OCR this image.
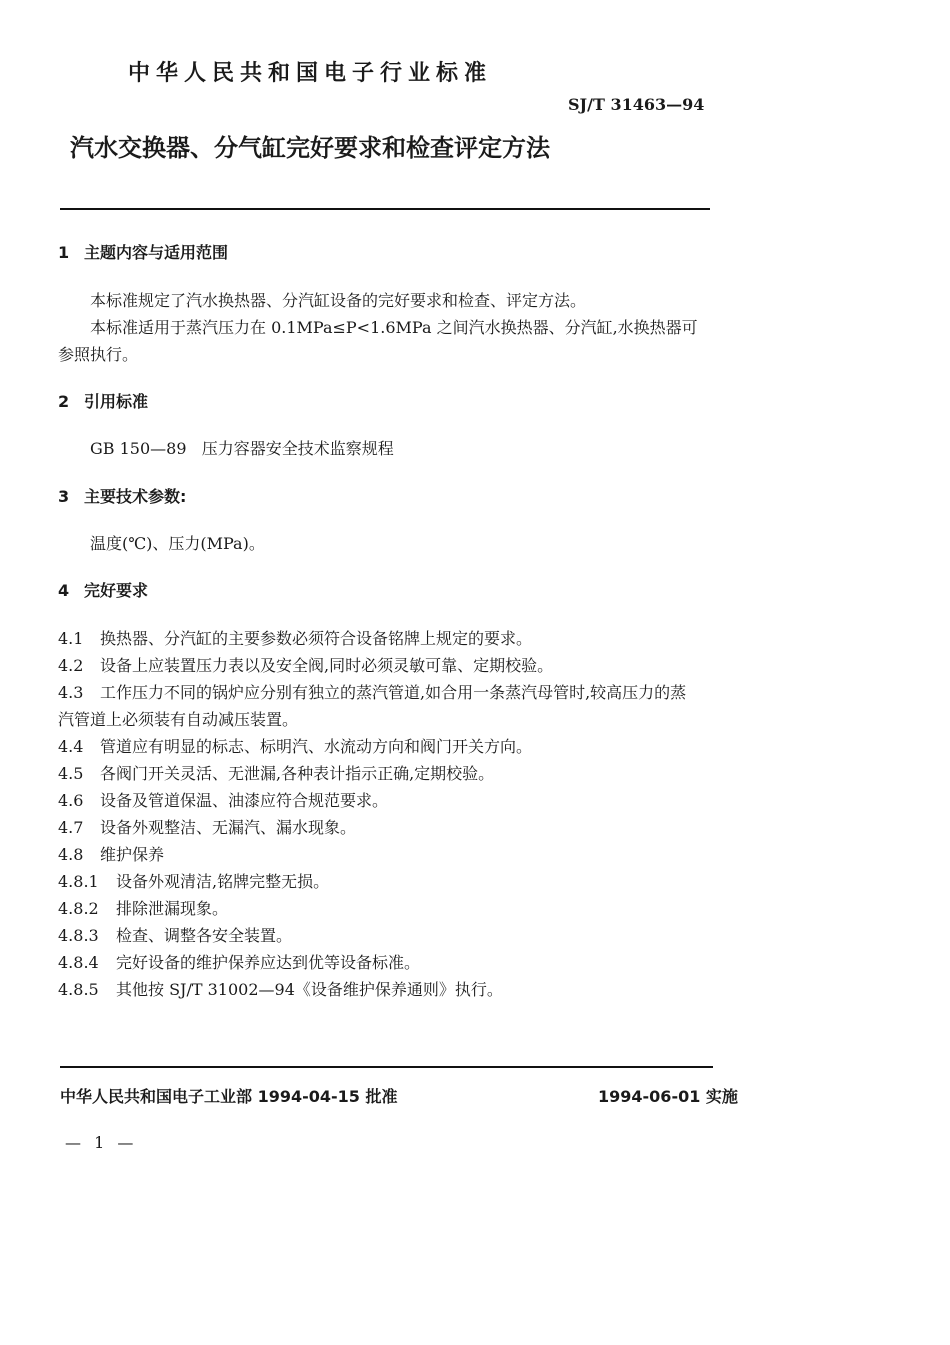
中华人民共和国电子行业标准
SJ/T 31463—94
汽水交换器、分气缸完好要求和检查评定方法
1 主题内容与适用范围
本标准规定了汽水换热器、分汽缸设备的完好要求和检查、评定方法。
本标准适用于蒸汽压力在 0.1MPa≤P<1.6MPa 之间汽水换热器、分汽缸,水换热器可
参照执行。
2 引用标准
GB 150—89 压力容器安全技术监察规程
3 主要技术参数:
温度(℃)、压力(MPa)。
4 完好要求
4.1 换热器、分汽缸的主要参数必须符合设备铭牌上规定的要求。
4.2 设备上应装置压力表以及安全阀,同时必须灵敏可靠、定期校验。
4.3 工作压力不同的锅炉应分别有独立的蒸汽管道,如合用一条蒸汽母管时,较高压力的蒸
汽管道上必须装有自动减压装置。
4.4 管道应有明显的标志、标明汽、水流动方向和阀门开关方向。
4.5 各阀门开关灵活、无泄漏,各种表计指示正确,定期校验。
4.6 设备及管道保温、油漆应符合规范要求。
4.7 设备外观整洁、无漏汽、漏水现象。
4.8 维护保养
4.8.1 设备外观清洁,铭牌完整无损。
4.8.2 排除泄漏现象。
4.8.3 检查、调整各安全装置。
4.8.4 完好设备的维护保养应达到优等设备标准。
4.8.5 其他按 SJ/T 31002—94《设备维护保养通则》执行。
中华人民共和国电子工业部 1994-04-15 批准	1994-06-01 实施
— 1 —
